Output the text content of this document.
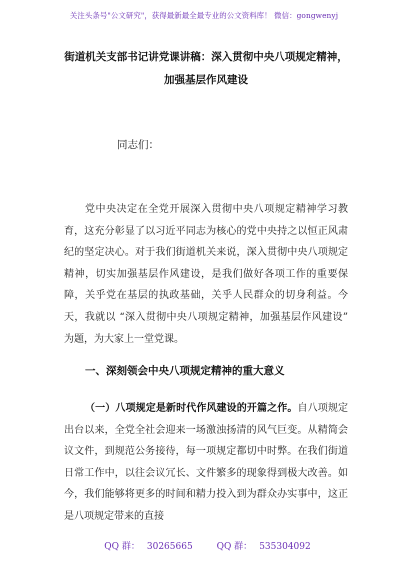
关注头条号"公文研究"，获得最新最全最专业的公文资料库！ 微信：gongwenyj
街道机关支部书记讲党课讲稿：深入贯彻中央八项规定精神，加强基层作风建设
同志们：
党中央决定在全党开展深入贯彻中央八项规定精神学习教育，这充分彰显了以习近平同志为核心的党中央持之以恒正风肃纪的坚定决心。对于我们街道机关来说，深入贯彻中央八项规定精神，切实加强基层作风建设，是我们做好各项工作的重要保障，关乎党在基层的执政基础，关乎人民群众的切身利益。今天，我就以 “深入贯彻中央八项规定精神，加强基层作风建设” 为题，为大家上一堂党课。
一、深刻领会中央八项规定精神的重大意义
（一）八项规定是新时代作风建设的开篇之作。自八项规定出台以来，全党全社会迎来一场激浊扬清的风气巨变。从精简会议文件，到规范公务接待，每一项规定都切中时弊。在我们街道日常工作中，以往会议冗长、文件繁多的现象得到极大改善。如今，我们能够将更多的时间和精力投入到为群众办实事中，这正是八项规定带来的直接
QQ 群： 30265665	QQ 群： 535304092
